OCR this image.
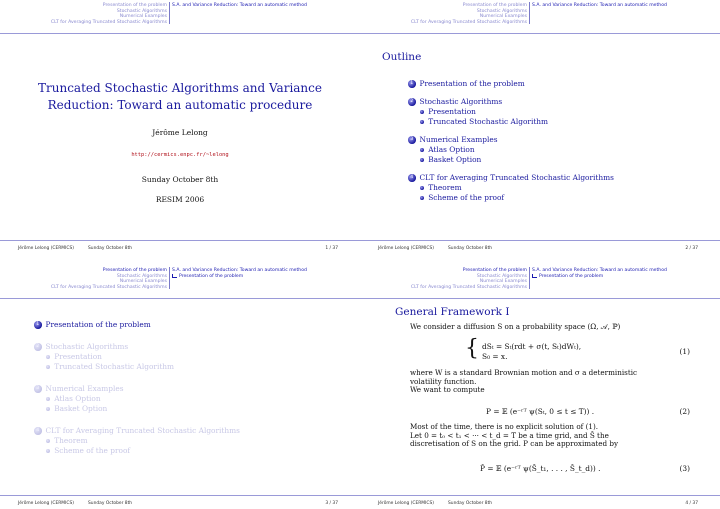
Presentation of the problem
Stochastic Algorithms
Numerical Examples
CLT for Averaging Truncated Stochastic Algorithms
S.A. and Variance Reduction: Toward an automatic method
Truncated Stochastic Algorithms and Variance
Reduction: Toward an automatic procedure
Jérôme Lelong
http://cermics.enpc.fr/~lelong
Sunday October 8th
RESIM 2006
Jérôme Lelong (CERMICS)	Sunday October 8th	1 / 37
Presentation of the problem
Stochastic Algorithms
Numerical Examples
CLT for Averaging Truncated Stochastic Algorithms
S.A. and Variance Reduction: Toward an automatic method
Outline
1 Presentation of the problem
2 Stochastic Algorithms
Presentation
Truncated Stochastic Algorithm
3 Numerical Examples
Atlas Option
Basket Option
4 CLT for Averaging Truncated Stochastic Algorithms
Theorem
Scheme of the proof
Jérôme Lelong (CERMICS)	Sunday October 8th	2 / 37
Presentation of the problem
Stochastic Algorithms
Numerical Examples
CLT for Averaging Truncated Stochastic Algorithms
S.A. and Variance Reduction: Toward an automatic method
Presentation of the problem
1 Presentation of the problem
2 Stochastic Algorithms
Presentation
Truncated Stochastic Algorithm
3 Numerical Examples
Atlas Option
Basket Option
4 CLT for Averaging Truncated Stochastic Algorithms
Theorem
Scheme of the proof
Jérôme Lelong (CERMICS)	Sunday October 8th	3 / 37
Presentation of the problem
Stochastic Algorithms
Numerical Examples
CLT for Averaging Truncated Stochastic Algorithms
S.A. and Variance Reduction: Toward an automatic method
Presentation of the problem
General Framework I
We consider a diffusion S on a probability space (Ω, 𝒜, ℙ)
{ dSₜ = Sₜ(rdt + σ(t, Sₜ)dWₜ),
S₀ = x.
(1)
where W is a standard Brownian motion and σ a deterministic
volatility function.
We want to compute
P = 𝔼 (e⁻ʳᵀ ψ(Sₜ, 0 ≤ t ≤ T)) .	(2)
Most of the time, there is no explicit solution of (1).
Let 0 = t₀ < t₁ < ··· < t_d = T be a time grid, and Ŝ the
discretisation of S on the grid. P can be approximated by
P̂ = 𝔼 (e⁻ʳᵀ ψ(Ŝ_t₁, . . . , Ŝ_t_d)) .	(3)
Jérôme Lelong (CERMICS)	Sunday October 8th	4 / 37
